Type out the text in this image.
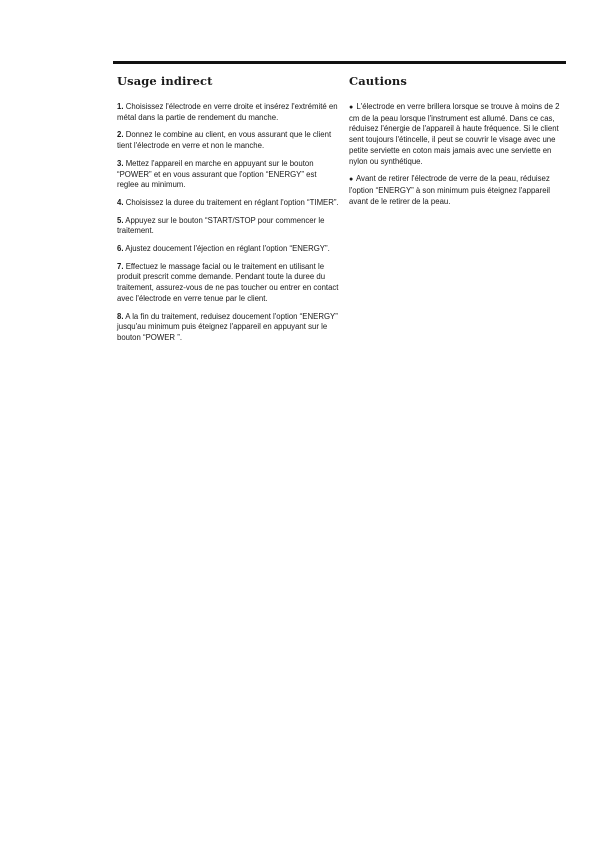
Usage indirect

1. Choisissez l'électrode en verre droite et insérez l'extrémité en métal dans la partie de rendement du manche.

2. Donnez le combine au client, en vous assurant que le client tient l'électrode en verre et non le manche.

3. Mettez l'appareil en marche en appuyant sur le bouton “POWER” et en vous assurant que l'option “ENERGY” est reglee au minimum.

4. Choisissez la duree du traitement en réglant l'option “TIMER”.

5. Appuyez sur le bouton “START/STOP pour commencer le traitement.

6. Ajustez doucement l'éjection en réglant l'option “ENERGY”.

7. Effectuez le massage facial ou le traitement en utilisant le produit prescrit comme demande. Pendant toute la duree du traitement, assurez-vous de ne pas toucher ou entrer en contact avec l'électrode en verre tenue par le client.

8. A la fin du traitement, reduisez doucement l'option “ENERGY” jusqu'au minimum puis éteignez l'appareil en appuyant sur le bouton “POWER ”.

Cautions

● L'électrode en verre brillera lorsque se trouve à moins de 2 cm de la peau lorsque l'instrument est allumé. Dans ce cas, réduisez l'énergie de l'appareil à haute fréquence. Si le client sent toujours l'étincelle, il peut se couvrir le visage avec une petite serviette en coton mais jamais avec une serviette en nylon ou synthétique.

● Avant de retirer l'électrode de verre de la peau, réduisez l'option “ENERGY” à son minimum puis éteignez l'appareil avant de le retirer de la peau.
